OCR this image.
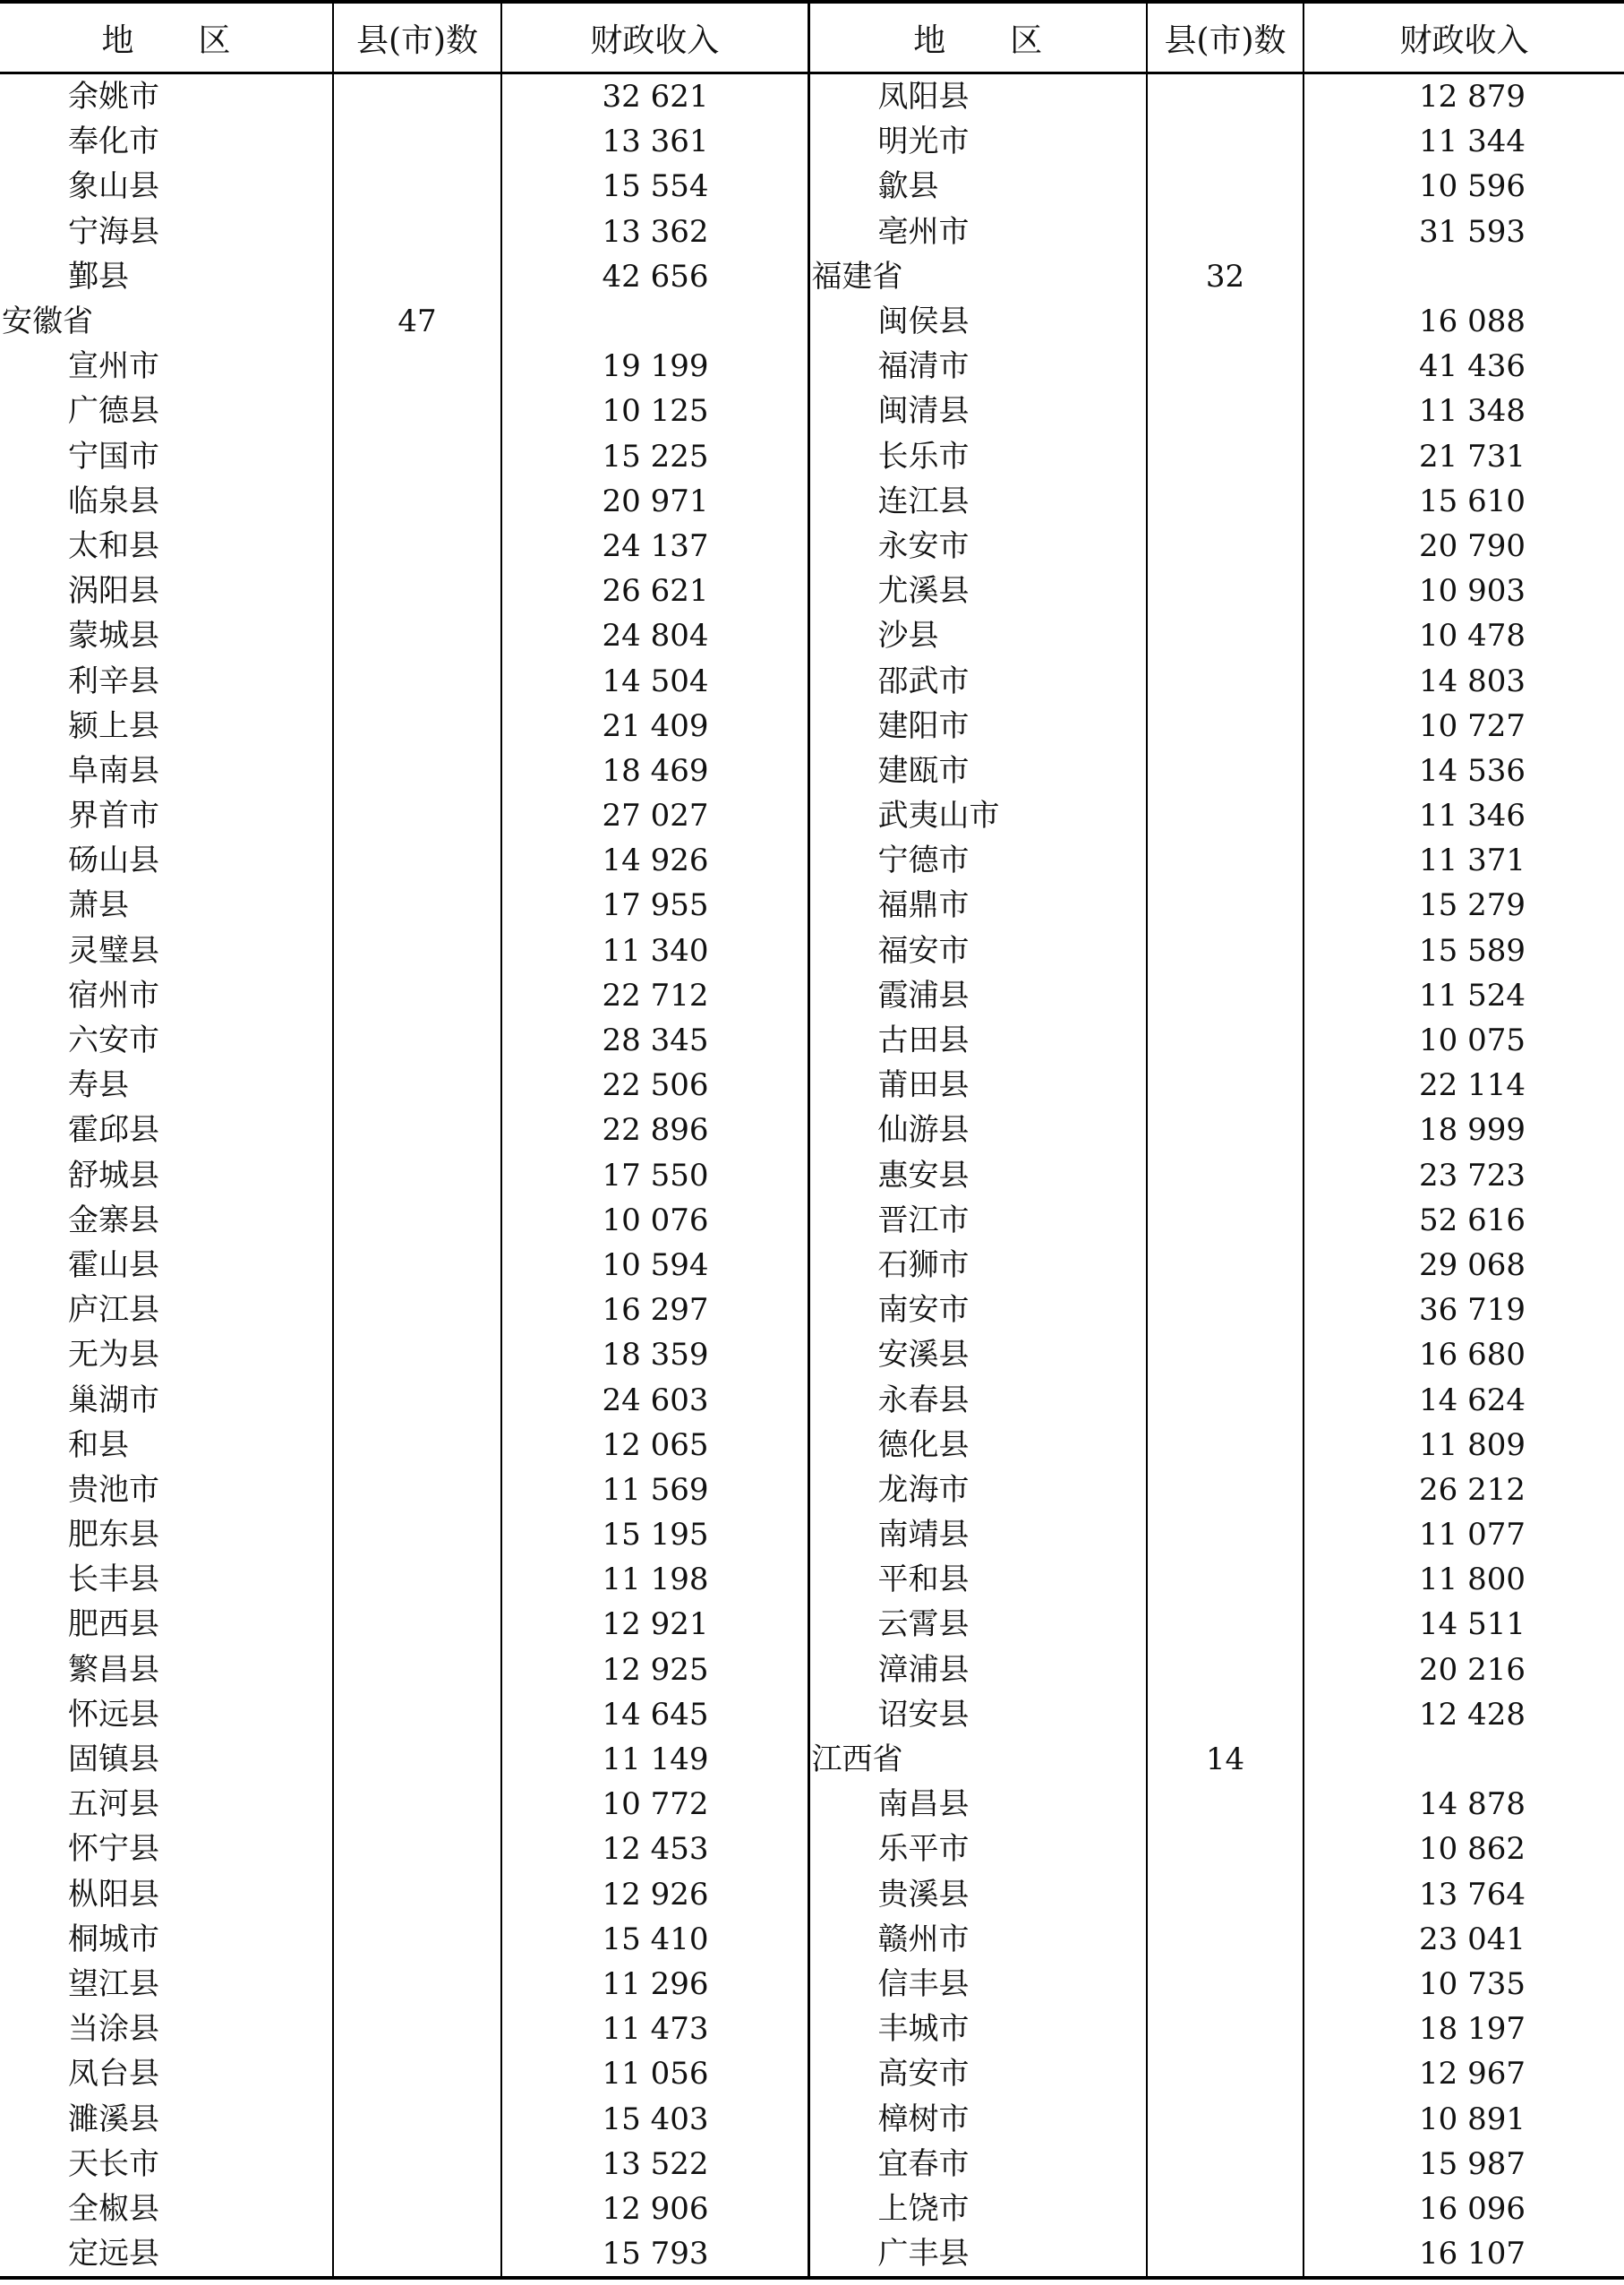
地　　区	县(市)数	财政收入	地　　区	县(市)数	财政收入
余姚市		32 621	凤阳县		12 879
奉化市		13 361	明光市		11 344
象山县		15 554	歙县		10 596
宁海县		13 362	亳州市		31 593
鄞县		42 656	福建省	32	
安徽省	47		闽侯县		16 088
宣州市		19 199	福清市		41 436
广德县		10 125	闽清县		11 348
宁国市		15 225	长乐市		21 731
临泉县		20 971	连江县		15 610
太和县		24 137	永安市		20 790
涡阳县		26 621	尤溪县		10 903
蒙城县		24 804	沙县		10 478
利辛县		14 504	邵武市		14 803
颍上县		21 409	建阳市		10 727
阜南县		18 469	建瓯市		14 536
界首市		27 027	武夷山市		11 346
砀山县		14 926	宁德市		11 371
萧县		17 955	福鼎市		15 279
灵璧县		11 340	福安市		15 589
宿州市		22 712	霞浦县		11 524
六安市		28 345	古田县		10 075
寿县		22 506	莆田县		22 114
霍邱县		22 896	仙游县		18 999
舒城县		17 550	惠安县		23 723
金寨县		10 076	晋江市		52 616
霍山县		10 594	石狮市		29 068
庐江县		16 297	南安市		36 719
无为县		18 359	安溪县		16 680
巢湖市		24 603	永春县		14 624
和县		12 065	德化县		11 809
贵池市		11 569	龙海市		26 212
肥东县		15 195	南靖县		11 077
长丰县		11 198	平和县		11 800
肥西县		12 921	云霄县		14 511
繁昌县		12 925	漳浦县		20 216
怀远县		14 645	诏安县		12 428
固镇县		11 149	江西省	14	
五河县		10 772	南昌县		14 878
怀宁县		12 453	乐平市		10 862
枞阳县		12 926	贵溪县		13 764
桐城市		15 410	赣州市		23 041
望江县		11 296	信丰县		10 735
当涂县		11 473	丰城市		18 197
凤台县		11 056	高安市		12 967
濉溪县		15 403	樟树市		10 891
天长市		13 522	宜春市		15 987
全椒县		12 906	上饶市		16 096
定远县		15 793	广丰县		16 107
